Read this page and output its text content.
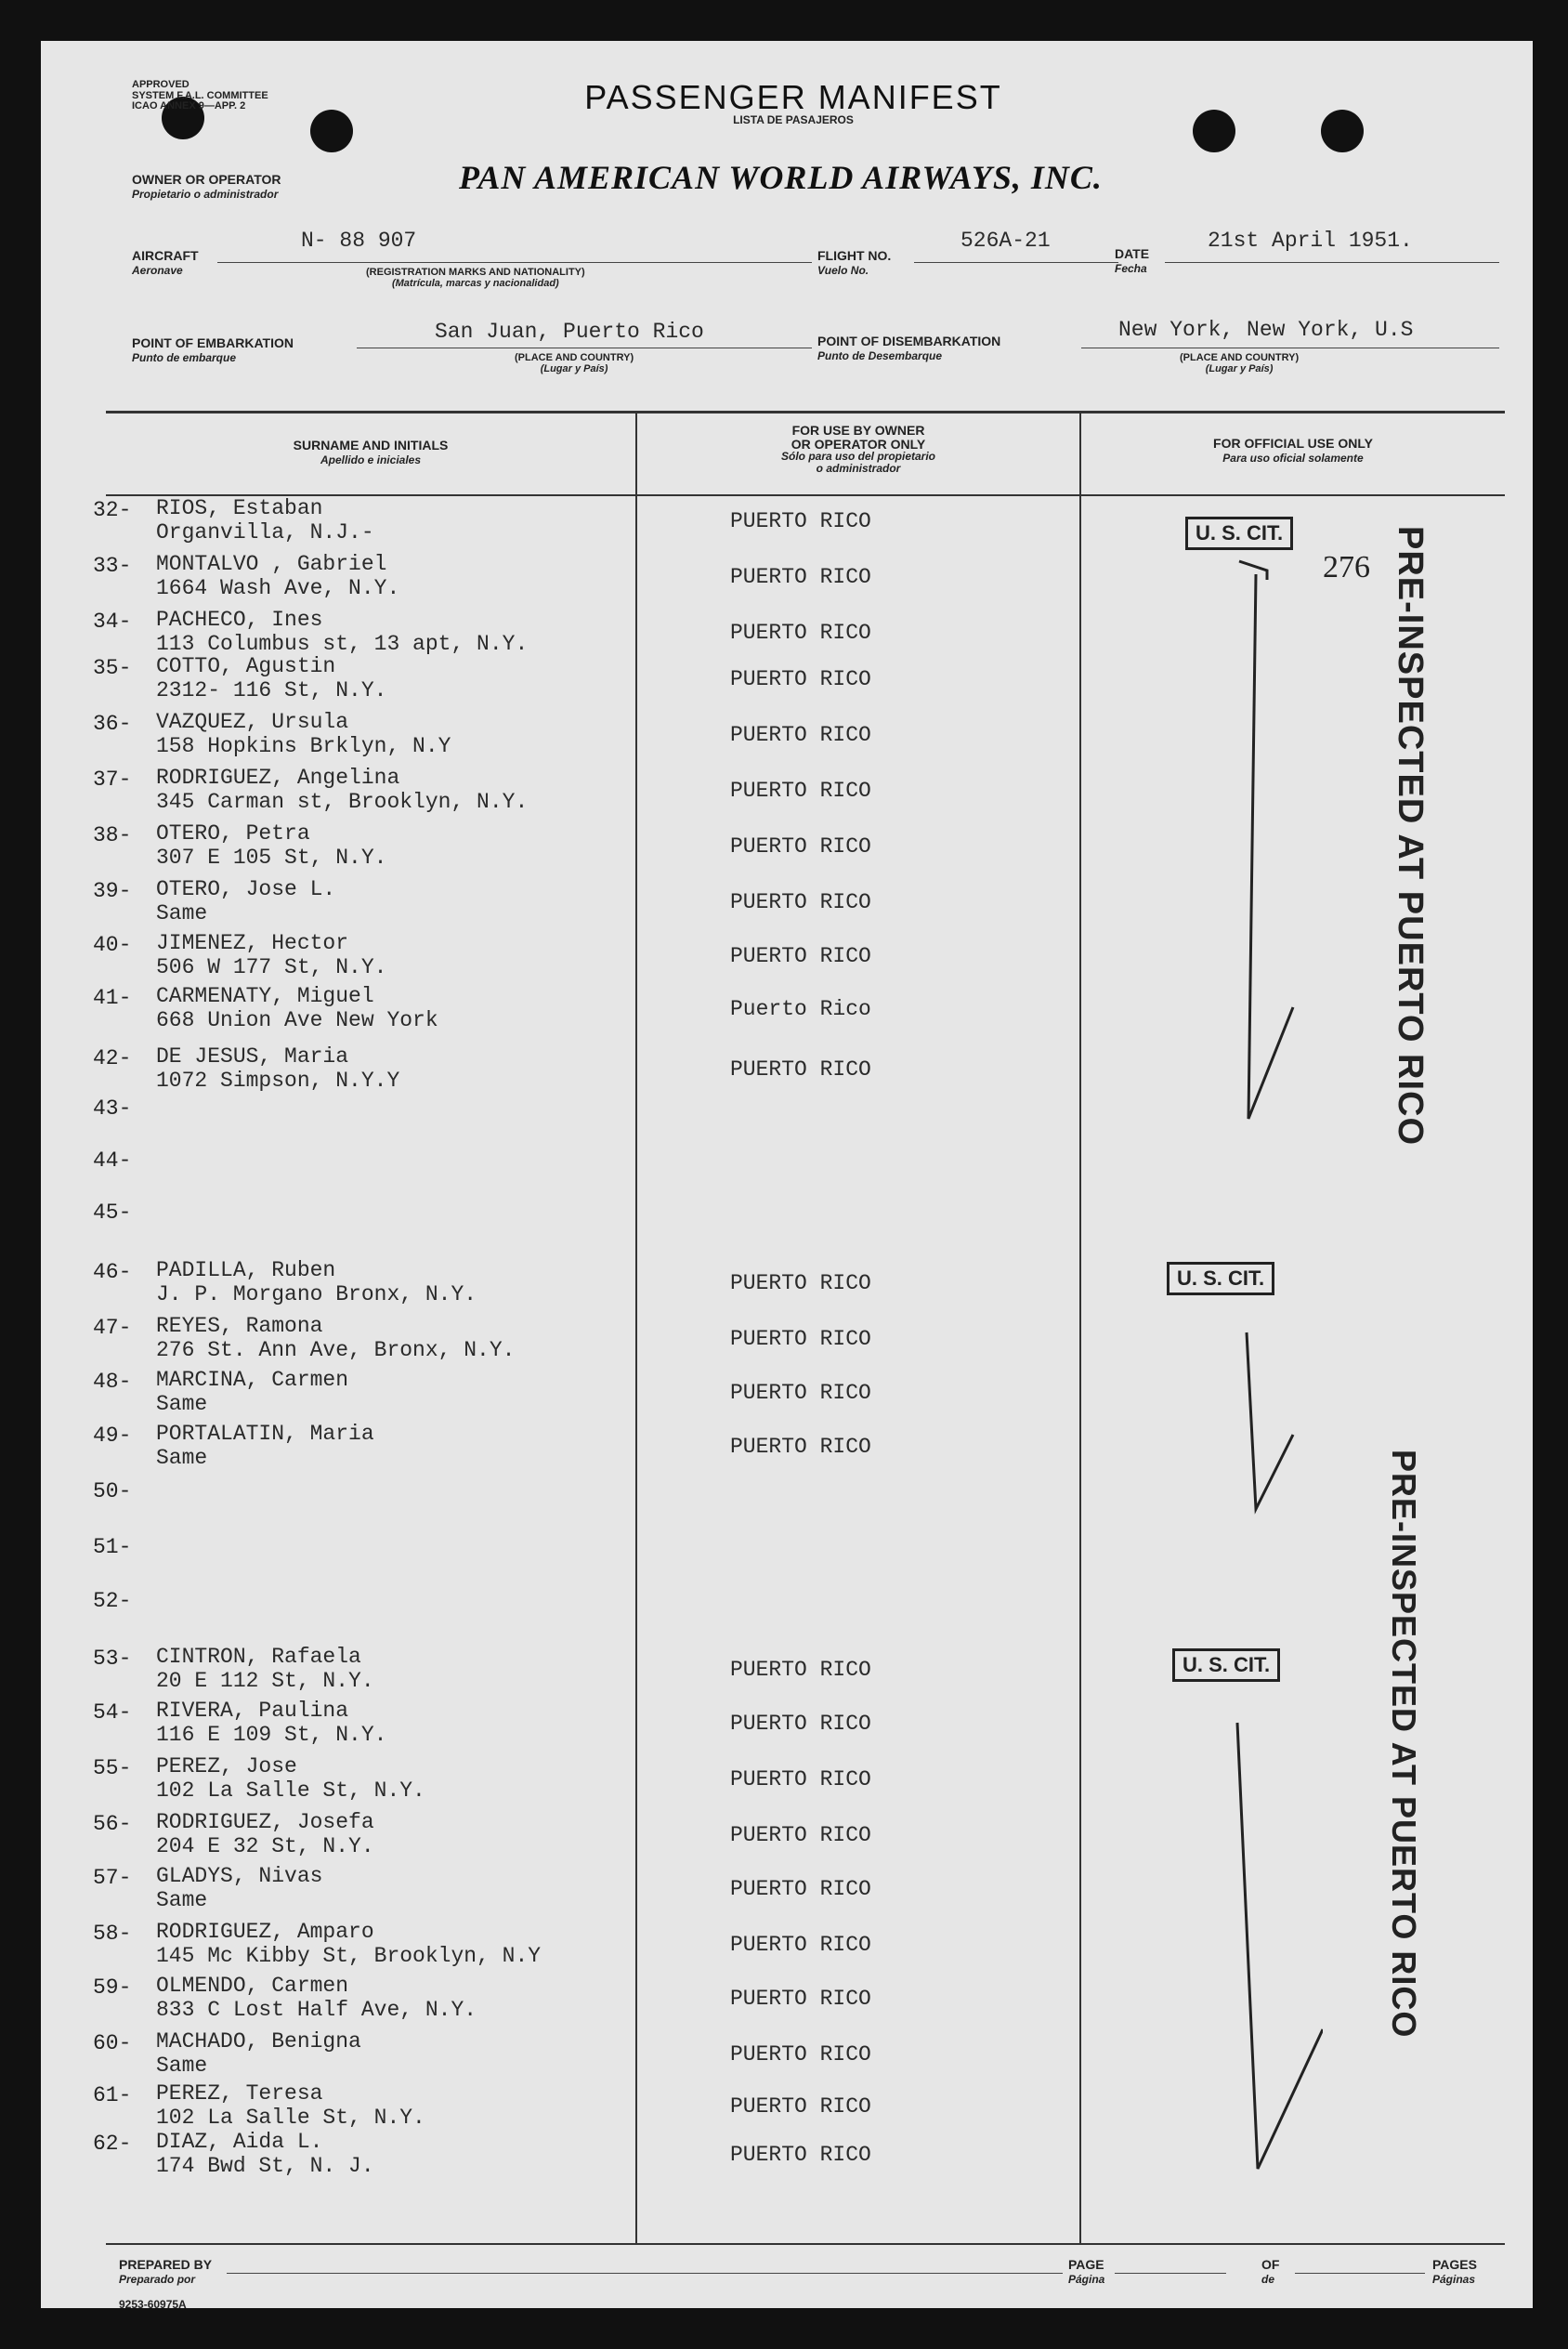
APPROVED
SYSTEM F.A.L. COMMITTEE
ICAO ANNEX 9—APP. 2	PASSENGER MANIFEST
LISTA DE PASAJEROS
OWNER OR OPERATOR
Propietario o administrador	PAN AMERICAN WORLD AIRWAYS, INC.
AIRCRAFT
Aeronave
N- 88 907
(REGISTRATION MARKS AND NATIONALITY)
(Matrícula, marcas y nacionalidad)
FLIGHT NO.
Vuelo No.
526A-21
DATE
Fecha
21st April 1951.
POINT OF EMBARKATION
Punto de embarque
San Juan, Puerto Rico
(PLACE AND COUNTRY)
(Lugar y País)
POINT OF DISEMBARKATION
Punto de Desembarque
New York, New York, U.S
(PLACE AND COUNTRY)
(Lugar y País)
SURNAME AND INITIALS
Apellido e iniciales
FOR USE BY OWNER
OR OPERATOR ONLY
Sólo para uso del propietario
o administrador
FOR OFFICIAL USE ONLY
Para uso oficial solamente
32- RIOS, Estaban
Organvilla, N.J.-	PUERTO RICO
33- MONTALVO , Gabriel
1664 Wash Ave, N.Y.	PUERTO RICO
34- PACHECO, Ines
113 Columbus st, 13 apt, N.Y.	PUERTO RICO
35- COTTO, Agustin
2312- 116 St, N.Y.	PUERTO RICO
36- VAZQUEZ, Ursula
158 Hopkins Brklyn, N.Y	PUERTO RICO
37- RODRIGUEZ, Angelina
345 Carman st, Brooklyn, N.Y.	PUERTO RICO
38- OTERO, Petra
307 E 105 St, N.Y.	PUERTO RICO
39- OTERO, Jose L.
Same	PUERTO RICO
40- JIMENEZ, Hector
506 W 177 St, N.Y.	PUERTO RICO
41- CARMENATY, Miguel
668 Union Ave New York	Puerto Rico
42- DE JESUS, Maria
1072 Simpson, N.Y.Y	PUERTO RICO
43-
44-
45-
46- PADILLA, Ruben
J. P. Morgano Bronx, N.Y.	PUERTO RICO
47- REYES, Ramona
276 St. Ann Ave, Bronx, N.Y.	PUERTO RICO
48- MARCINA, Carmen
Same	PUERTO RICO
49- PORTALATIN, Maria
Same	PUERTO RICO
50-
51-
52-
53- CINTRON, Rafaela
20 E 112 St, N.Y.	PUERTO RICO
54- RIVERA, Paulina
116 E 109 St, N.Y.	PUERTO RICO
55- PEREZ, Jose
102 La Salle St, N.Y.	PUERTO RICO
56- RODRIGUEZ, Josefa
204 E 32 St, N.Y.	PUERTO RICO
57- GLADYS, Nivas
Same	PUERTO RICO
58- RODRIGUEZ, Amparo
145 Mc Kibby St, Brooklyn, N.Y	PUERTO RICO
59- OLMENDO, Carmen
833 C Lost Half Ave, N.Y.	PUERTO RICO
60- MACHADO, Benigna
Same	PUERTO RICO
61- PEREZ, Teresa
102 La Salle St, N.Y.	PUERTO RICO
62- DIAZ, Aida L.
174 Bwd St, N. J.	PUERTO RICO
U. S. CIT.
276
U. S. CIT.
U. S. CIT.
PRE-INSPECTED AT PUERTO RICO
PRE-INSPECTED AT PUERTO RICO
PREPARED BY
Preparado por
9253-60975A
PAGE
Página
OF
de
PAGES
Páginas
